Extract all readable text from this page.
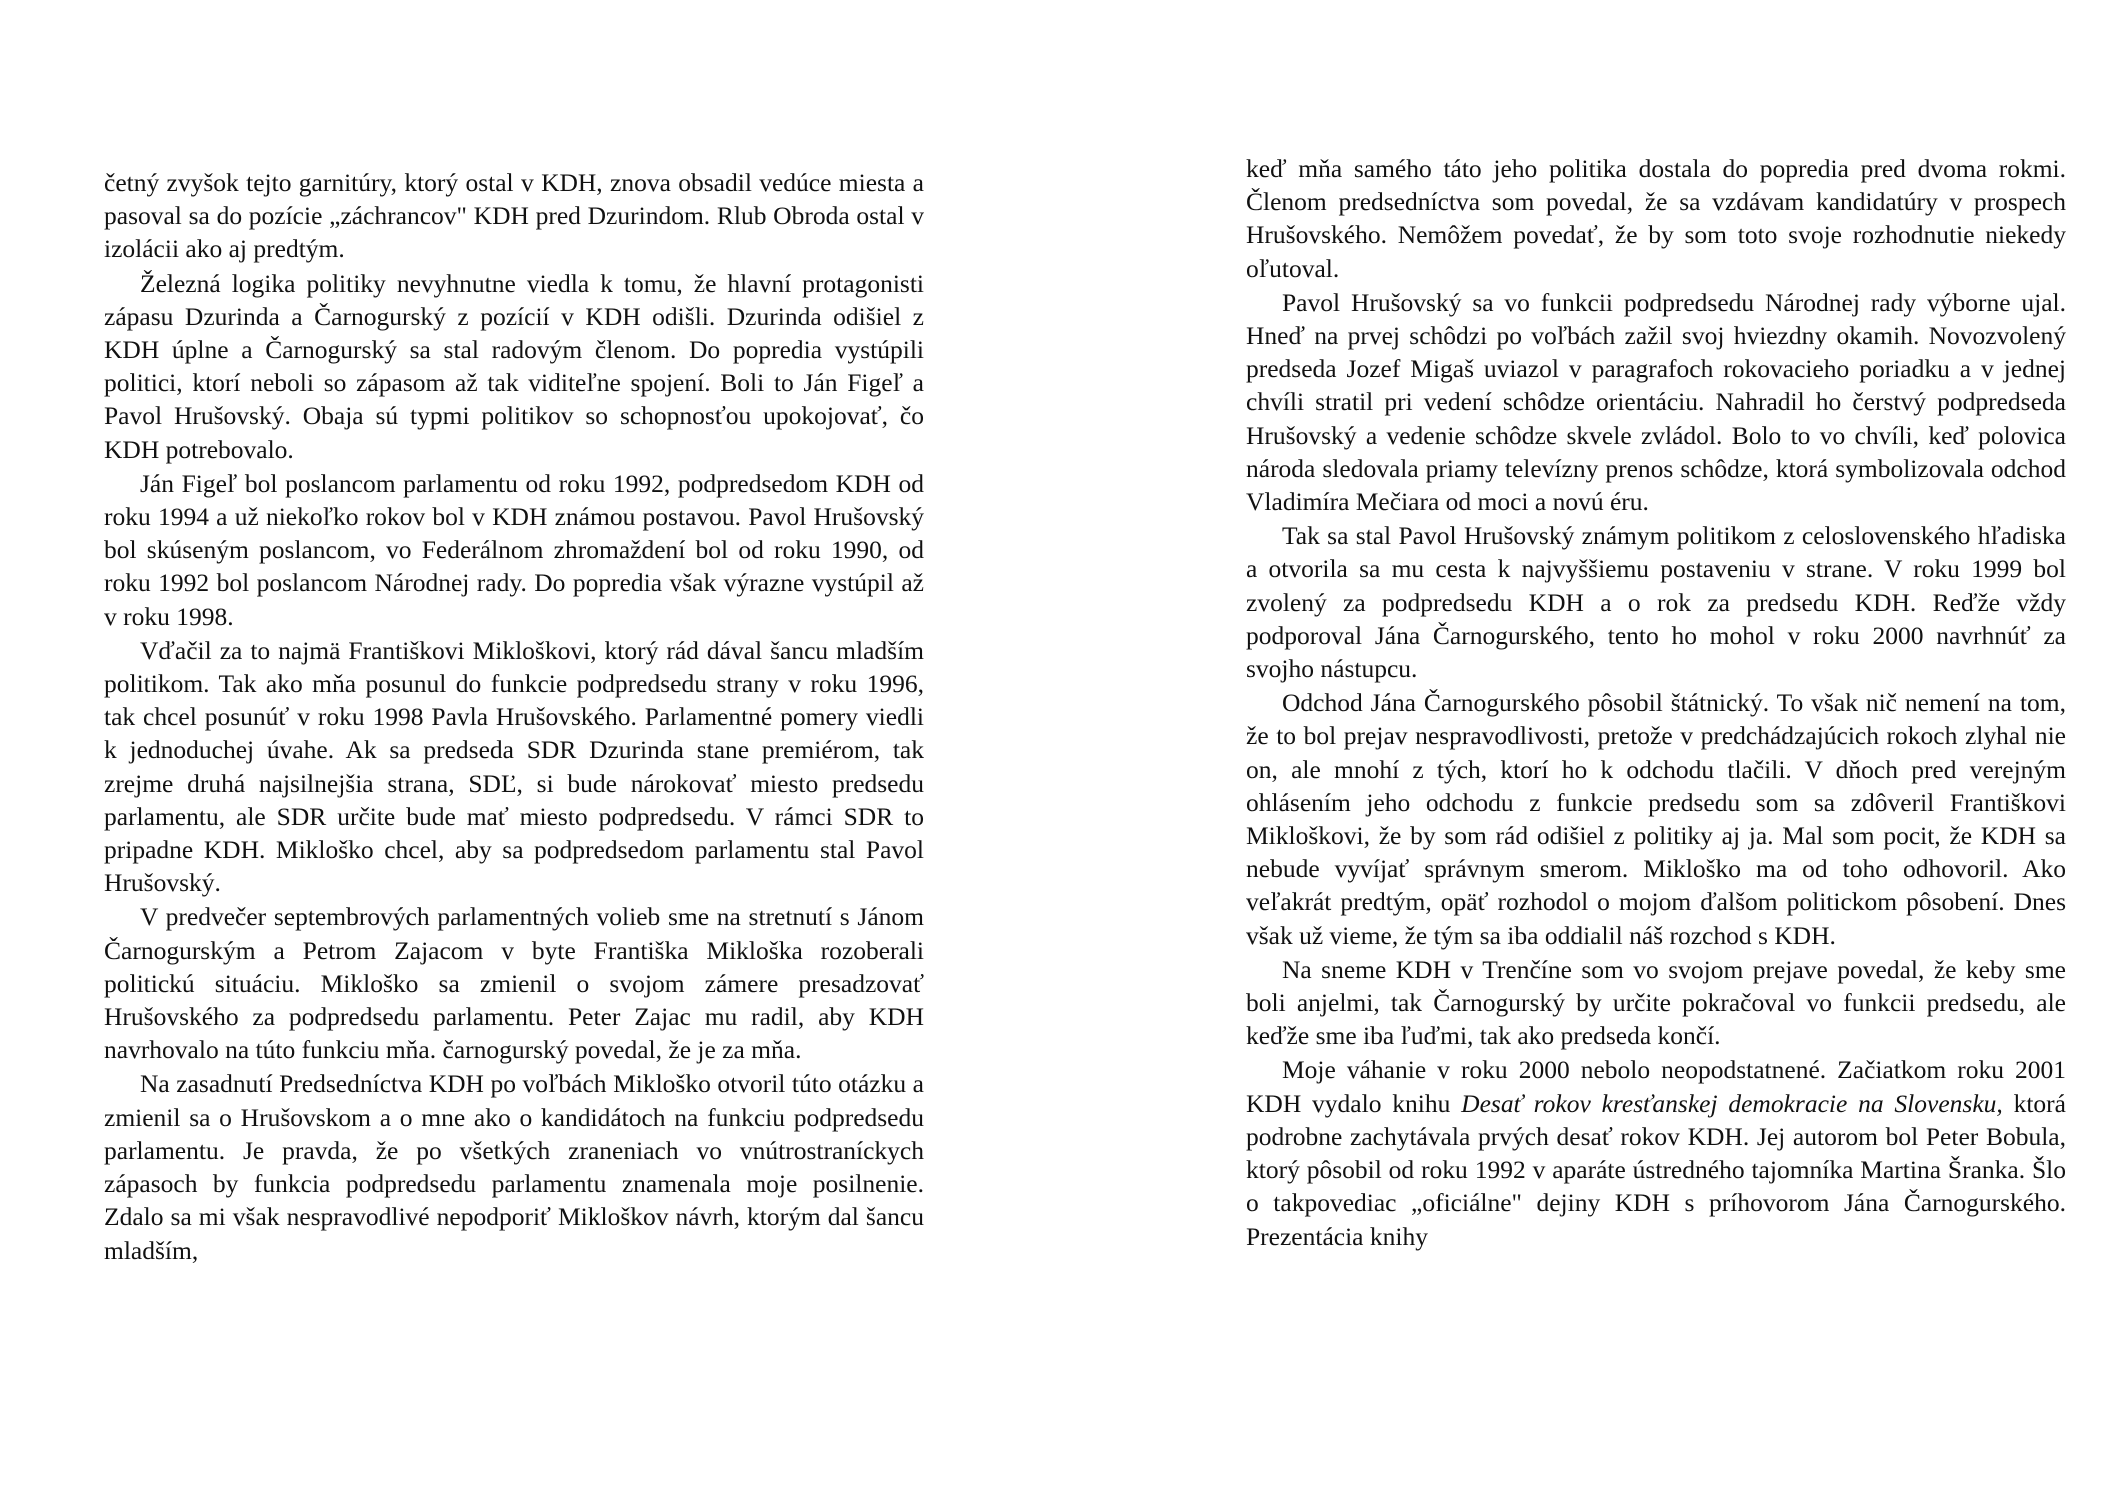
četný zvyšok tejto garnitúry, ktorý ostal v KDH, znova obsadil vedúce miesta a pasoval sa do pozície „záchrancov" KDH pred Dzurindom. Rlub Obroda ostal v izolácii ako aj predtým.

Železná logika politiky nevyhnutne viedla k tomu, že hlavní protagonisti zápasu Dzurinda a Čarnogurský z pozícií v KDH odišli. Dzurinda odišiel z KDH úplne a Čarnogurský sa stal radovým členom. Do popredia vystúpili politici, ktorí neboli so zápasom až tak viditeľne spojení. Boli to Ján Figeľ a Pavol Hrušovský. Obaja sú typmi politikov so schopnosťou upokojovať, čo KDH potrebovalo.

Ján Figeľ bol poslancom parlamentu od roku 1992, podpredsedom KDH od roku 1994 a už niekoľko rokov bol v KDH známou postavou. Pavol Hrušovský bol skúseným poslancom, vo Federálnom zhromaždení bol od roku 1990, od roku 1992 bol poslancom Národnej rady. Do popredia však výrazne vystúpil až v roku 1998.

Vďačil za to najmä Františkovi Mikloškovi, ktorý rád dával šancu mladším politikom. Tak ako mňa posunul do funkcie podpredsedu strany v roku 1996, tak chcel posunúť v roku 1998 Pavla Hrušovského. Parlamentné pomery viedli k jednoduchej úvahe. Ak sa predseda SDR Dzurinda stane premiérom, tak zrejme druhá najsilnejšia strana, SDĽ, si bude nárokovať miesto predsedu parlamentu, ale SDR určite bude mať miesto podpredsedu. V rámci SDR to pripadne KDH. Mikloško chcel, aby sa podpredsedom parlamentu stal Pavol Hrušovský.

V predvečer septembrových parlamentných volieb sme na stretnutí s Jánom Čarnogurským a Petrom Zajacom v byte Františka Mikloška rozoberali politickú situáciu. Mikloško sa zmienil o svojom zámere presadzovať Hrušovského za podpredsedu parlamentu. Peter Zajac mu radil, aby KDH navrhovalo na túto funkciu mňa. čarnogurský povedal, že je za mňa.

Na zasadnutí Predsedníctva KDH po voľbách Mikloško otvoril túto otázku a zmienil sa o Hrušovskom a o mne ako o kandidátoch na funkciu podpredsedu parlamentu. Je pravda, že po všetkých zraneniach vo vnútrostraníckych zápasoch by funkcia podpredsedu parlamentu znamenala moje posilnenie. Zdalo sa mi však nespravodlivé nepodporiť Mikloškov návrh, ktorým dal šancu mladším,

keď mňa samého táto jeho politika dostala do popredia pred dvoma rokmi. Členom predsedníctva som povedal, že sa vzdávam kandidatúry v prospech Hrušovského. Nemôžem povedať, že by som toto svoje rozhodnutie niekedy oľutoval.

Pavol Hrušovský sa vo funkcii podpredsedu Národnej rady výborne ujal. Hneď na prvej schôdzi po voľbách zažil svoj hviezdny okamih. Novozvolený predseda Jozef Migaš uviazol v paragrafoch rokovacieho poriadku a v jednej chvíli stratil pri vedení schôdze orientáciu. Nahradil ho čerstvý podpredseda Hrušovský a vedenie schôdze skvele zvládol. Bolo to vo chvíli, keď polovica národa sledovala priamy televízny prenos schôdze, ktorá symbolizovala odchod Vladimíra Mečiara od moci a novú éru.

Tak sa stal Pavol Hrušovský známym politikom z celoslovenského hľadiska a otvorila sa mu cesta k najvyššiemu postaveniu v strane. V roku 1999 bol zvolený za podpredsedu KDH a o rok za predsedu KDH. Reďže vždy podporoval Jána Čarnogurského, tento ho mohol v roku 2000 navrhnúť za svojho nástupcu.

Odchod Jána Čarnogurského pôsobil štátnický. To však nič nemení na tom, že to bol prejav nespravodlivosti, pretože v predchádzajúcich rokoch zlyhal nie on, ale mnohí z tých, ktorí ho k odchodu tlačili. V dňoch pred verejným ohlásením jeho odchodu z funkcie predsedu som sa zdôveril Františkovi Mikloškovi, že by som rád odišiel z politiky aj ja. Mal som pocit, že KDH sa nebude vyvíjať správnym smerom. Mikloško ma od toho odhovoril. Ako veľakrát predtým, opäť rozhodol o mojom ďalšom politickom pôsobení. Dnes však už vieme, že tým sa iba oddialil náš rozchod s KDH.

Na sneme KDH v Trenčíne som vo svojom prejave povedal, že keby sme boli anjelmi, tak Čarnogurský by určite pokračoval vo funkcii predsedu, ale keďže sme iba ľuďmi, tak ako predseda končí.

Moje váhanie v roku 2000 nebolo neopodstatnené. Začiatkom roku 2001 KDH vydalo knihu Desať rokov kresťanskej demokracie na Slovensku, ktorá podrobne zachytávala prvých desať rokov KDH. Jej autorom bol Peter Bobula, ktorý pôsobil od roku 1992 v aparáte ústredného tajomníka Martina Šranka. Šlo o takpovediac „oficiálne" dejiny KDH s príhovorom Jána Čarnogurského. Prezentácia knihy
